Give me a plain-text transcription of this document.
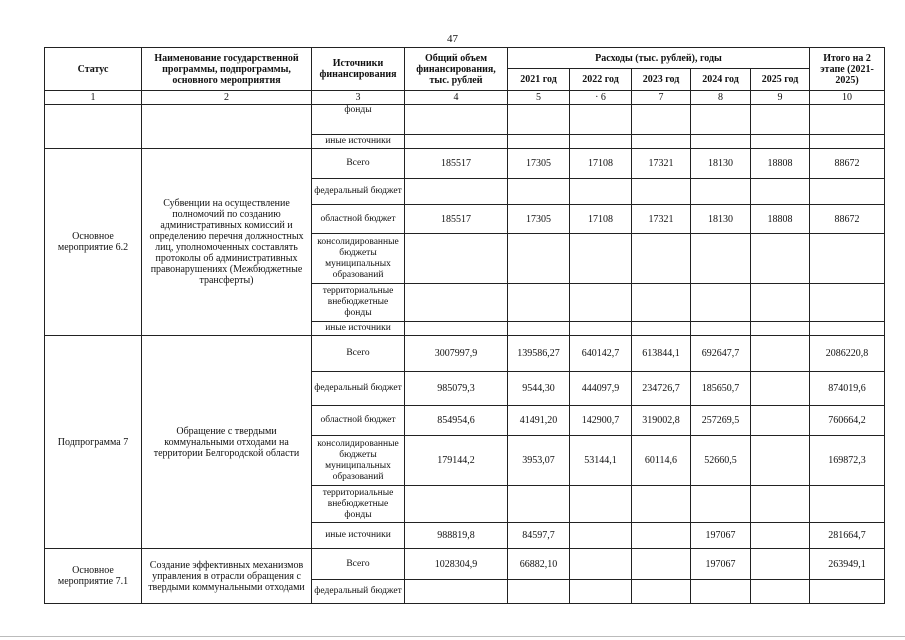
47
Статус	Наименование государственной программы, подпрограммы, основного мероприятия	Источники финансирования	Общий объем финансирования, тыс. рублей	Расходы (тыс. рублей), годы					Итого на 2 этапе (2021-2025)
				2021 год	2022 год	2023 год	2024 год	2025 год	
1	2	3	4	5	· 6	7	8	9	10
		фонды							
		иные источники							
Основное мероприятие 6.2	Субвенции на осуществление полномочий по созданию административных комиссий и определению перечня должностных лиц, уполномоченных составлять протоколы об административных правонарушениях (Межбюджетные трансферты)	Всего	185517	17305	17108	17321	18130	18808	88672
		федеральный бюджет							
		областной бюджет	185517	17305	17108	17321	18130	18808	88672
		консолидированные бюджеты муниципальных образований							
		территориальные внебюджетные фонды							
		иные источники							
Подпрограмма 7	Обращение с твердыми коммунальными отходами на территории Белгородской области	Всего	3007997,9	139586,27	640142,7	613844,1	692647,7		2086220,8
		федеральный бюджет	985079,3	9544,30	444097,9	234726,7	185650,7		874019,6
		областной бюджет	854954,6	41491,20	142900,7	319002,8	257269,5		760664,2
		консолидированные бюджеты муниципальных образований	179144,2	3953,07	53144,1	60114,6	52660,5		169872,3
		территориальные внебюджетные фонды							
		иные источники	988819,8	84597,7			197067		281664,7
Основное мероприятие 7.1	Создание эффективных механизмов управления в отрасли обращения с твердыми коммунальными отходами	Всего	1028304,9	66882,10			197067		263949,1
		федеральный бюджет							
